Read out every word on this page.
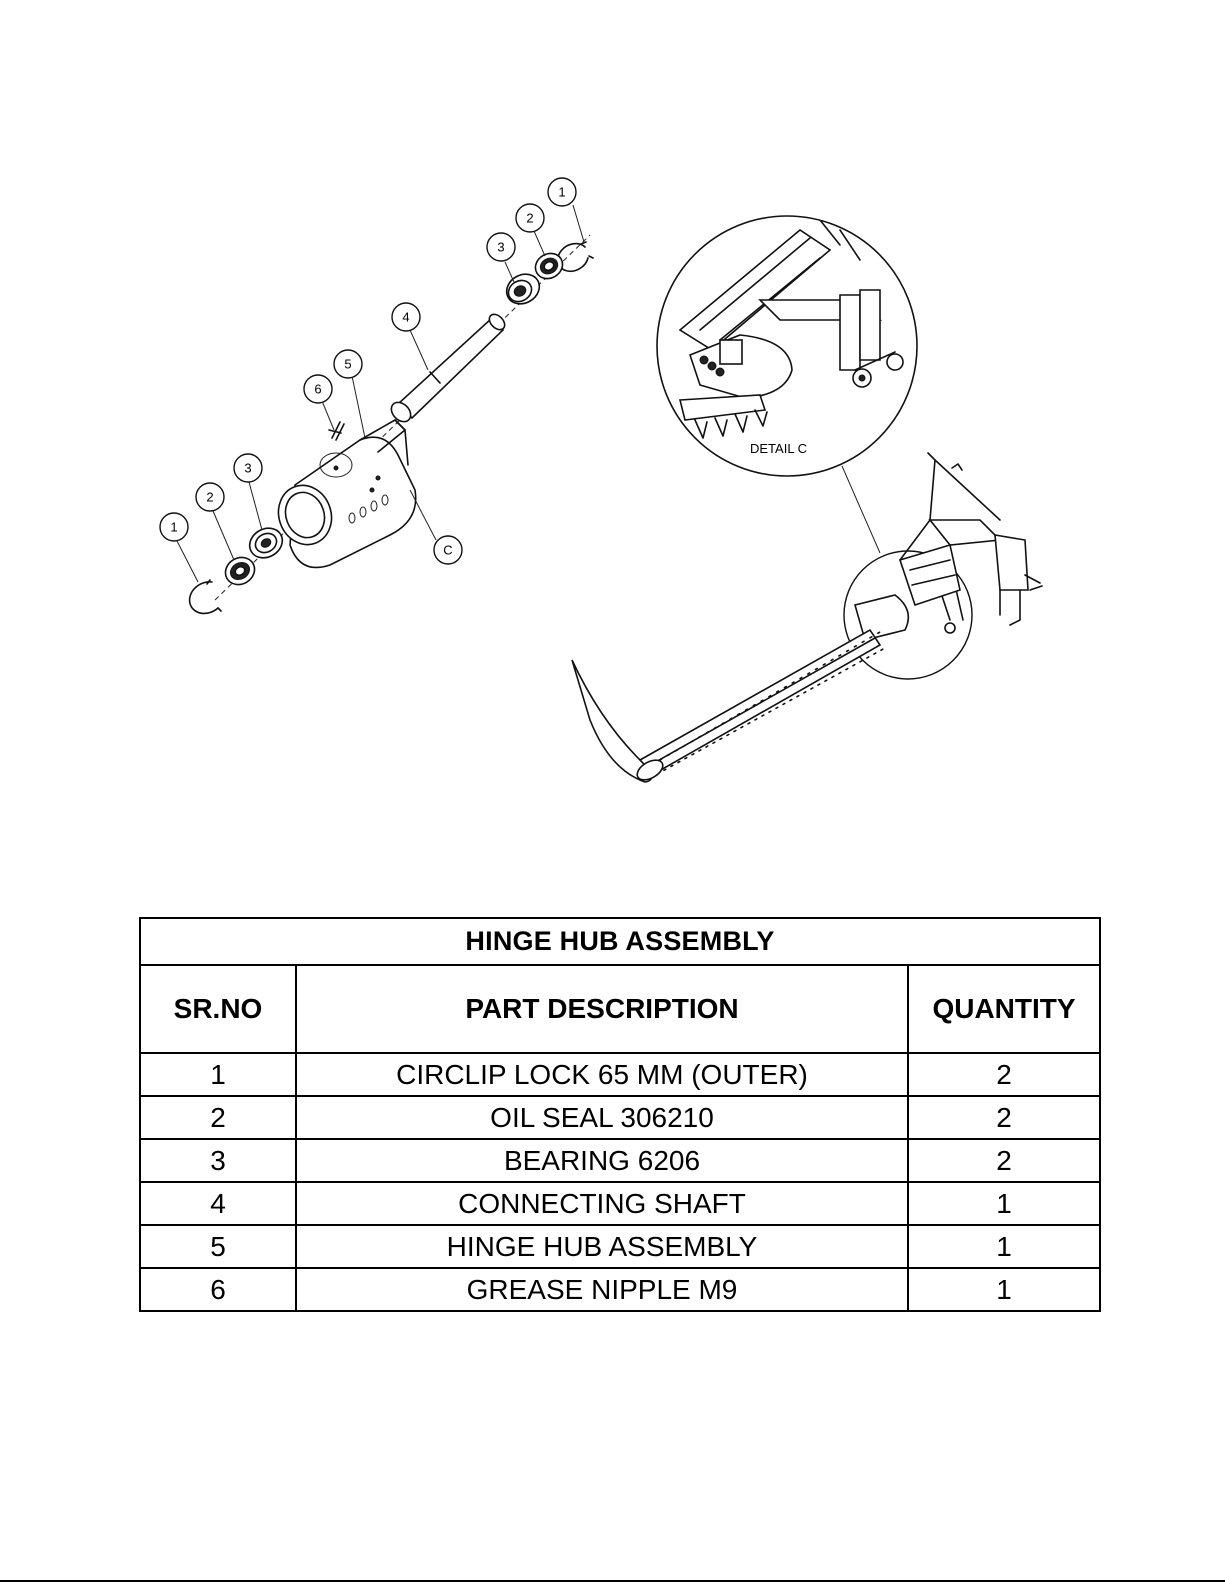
1
2
3
4
5
6
3
2
1
C
DETAIL C
HINGE HUB ASSEMBLY		
SR.NO	PART DESCRIPTION	QUANTITY
1	CIRCLIP LOCK 65 MM (OUTER)	2
2	OIL SEAL 306210	2
3	BEARING 6206	2
4	CONNECTING SHAFT	1
5	HINGE HUB ASSEMBLY	1
6	GREASE NIPPLE M9	1
